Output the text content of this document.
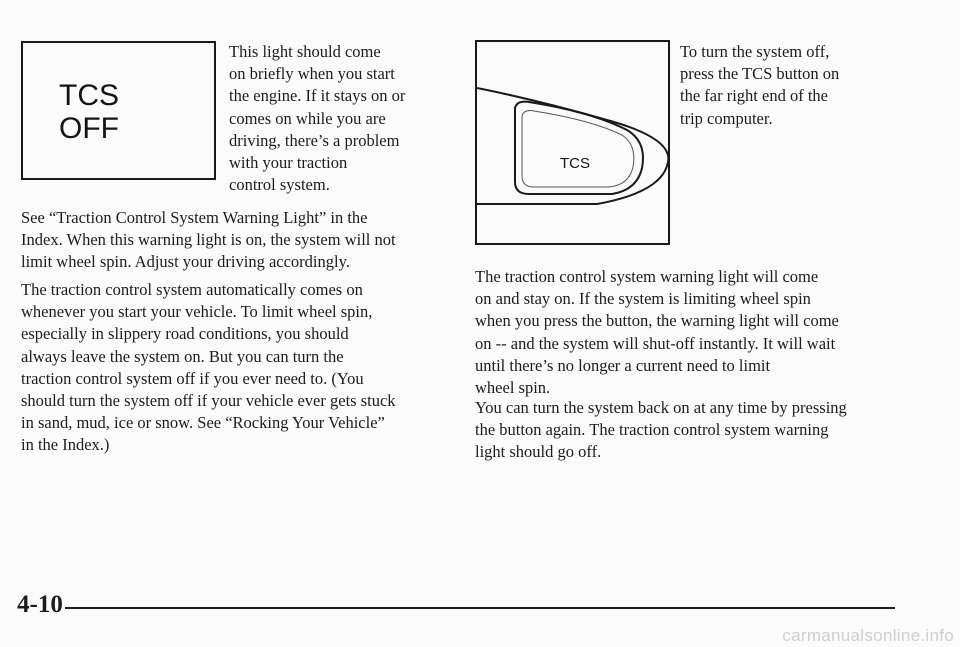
TCS
OFF
This light should come
on briefly when you start
the engine. If it stays on or
comes on while you are
driving, there’s a problem
with your traction
control system.
See “Traction Control System Warning Light” in the
Index. When this warning light is on, the system will not
limit wheel spin. Adjust your driving accordingly.
The traction control system automatically comes on
whenever you start your vehicle. To limit wheel spin,
especially in slippery road conditions, you should
always leave the system on. But you can turn the
traction control system off if you ever need to. (You
should turn the system off if your vehicle ever gets stuck
in sand, mud, ice or snow. See “Rocking Your Vehicle”
in the Index.)
TCS
To turn the system off,
press the TCS button on
the far right end of the
trip computer.
The traction control system warning light will come
on and stay on. If the system is limiting wheel spin
when you press the button, the warning light will come
on -- and the system will shut-off instantly. It will wait
until there’s no longer a current need to limit
wheel spin.
You can turn the system back on at any time by pressing
the button again. The traction control system warning
light should go off.
4-10
carmanualsonline.info
